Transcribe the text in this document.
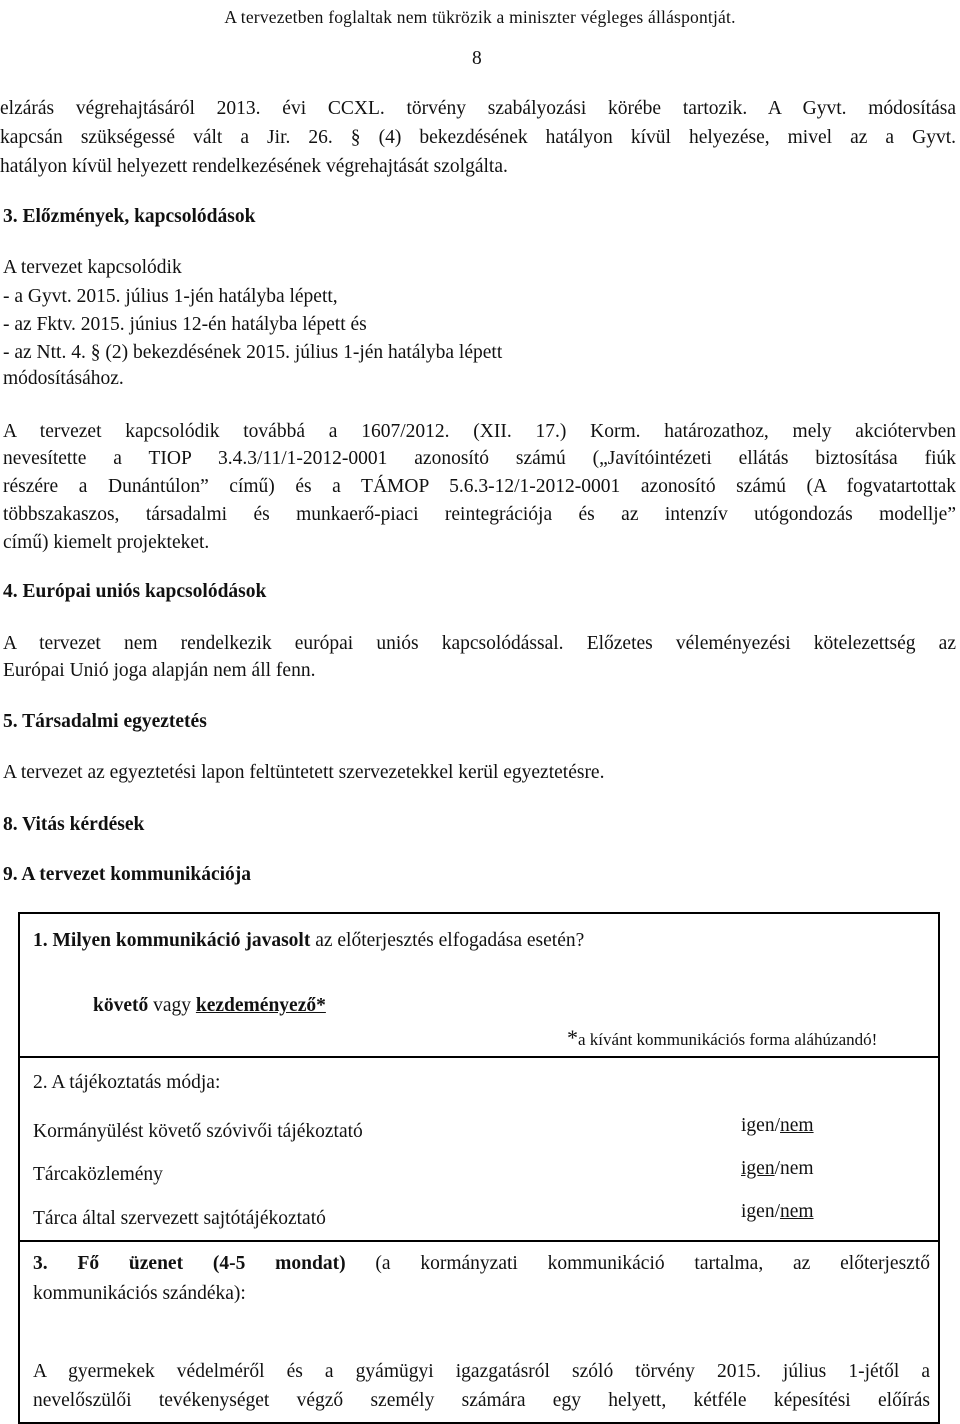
A tervezetben foglaltak nem tükrözik a miniszter végleges álláspontját.
8
elzárás végrehajtásáról 2013. évi CCXL. törvény szabályozási körébe tartozik. A Gyvt. módosítása
kapcsán szükségessé vált a Jir. 26. § (4) bekezdésének hatályon kívül helyezése, mivel az a Gyvt.
hatályon kívül helyezett rendelkezésének végrehajtását szolgálta.
3. Előzmények, kapcsolódások
A tervezet kapcsolódik
- a Gyvt. 2015. július 1-jén hatályba lépett,
- az Fktv. 2015. június 12-én hatályba lépett és
- az Ntt. 4. § (2) bekezdésének 2015. július 1-jén hatályba lépett
módosításához.
A tervezet kapcsolódik továbbá a 1607/2012. (XII. 17.) Korm. határozathoz, mely akciótervben
nevesítette a TIOP 3.4.3/11/1-2012-0001 azonosító számú („Javítóintézeti ellátás biztosítása fiúk
részére a Dunántúlon” című) és a TÁMOP 5.6.3-12/1-2012-0001 azonosító számú (A fogvatartottak
többszakaszos, társadalmi és munkaerő-piaci reintegrációja és az intenzív utógondozás modellje”
című) kiemelt projekteket.
4. Európai uniós kapcsolódások
A tervezet nem rendelkezik európai uniós kapcsolódással. Előzetes véleményezési kötelezettség az
Európai Unió joga alapján nem áll fenn.
5. Társadalmi egyeztetés
A tervezet az egyeztetési lapon feltüntetett szervezetekkel kerül egyeztetésre.
8. Vitás kérdések
9. A tervezet kommunikációja
1. Milyen kommunikáció javasolt az előterjesztés elfogadása esetén?
követő vagy kezdeményező*
*a kívánt kommunikációs forma aláhúzandó!
2. A tájékoztatás módja:
Kormányülést követő szóvivői tájékoztató	igen/nem
Tárcaközlemény	igen/nem
Tárca által szervezett sajtótájékoztató	igen/nem
3. Fő üzenet (4-5 mondat) (a kormányzati kommunikáció tartalma, az előterjesztő
kommunikációs szándéka):
A gyermekek védelméről és a gyámügyi igazgatásról szóló törvény 2015. július 1-jétől a
nevelőszülői tevékenységet végző személy számára egy helyett, kétféle képesítési előírás
